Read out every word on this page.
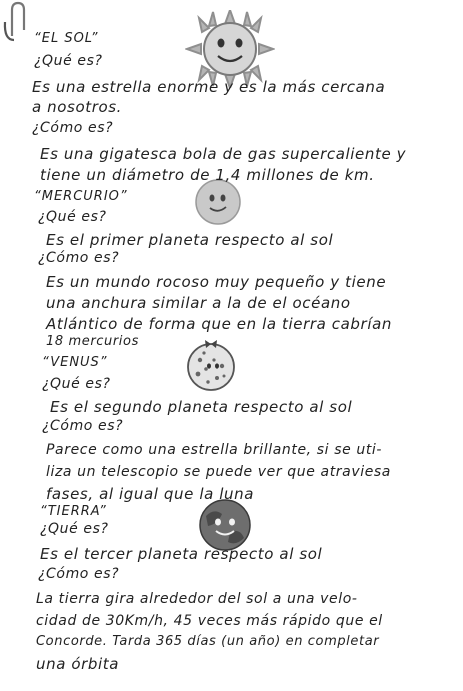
“EL SOL”
¿Qué es?
Es una estrella enorme y es la más cercana
a nosotros.
¿Cómo es?
Es una gigatesca bola de gas supercaliente y
tiene un diámetro de 1,4 millones de km.
“MERCURIO”
¿Qué es?
Es el primer planeta respecto al sol
¿Cómo es?
Es un mundo rocoso muy pequeño y tiene
una anchura similar a la de el océano
Atlántico de forma que en la tierra cabrían
18 mercurios
“VENUS”
¿Qué es?
Es el segundo planeta respecto al sol
¿Cómo es?
Parece como una estrella brillante, si se uti-
liza un telescopio se puede ver que atraviesa
fases, al igual que la luna
“TIERRA”
¿Qué es?
Es el tercer planeta respecto al sol
¿Cómo es?
La tierra gira alrededor del sol a una velo-
cidad de 30Km/h, 45 veces más rápido que el
Concorde. Tarda 365 días (un año) en completar
una órbita
